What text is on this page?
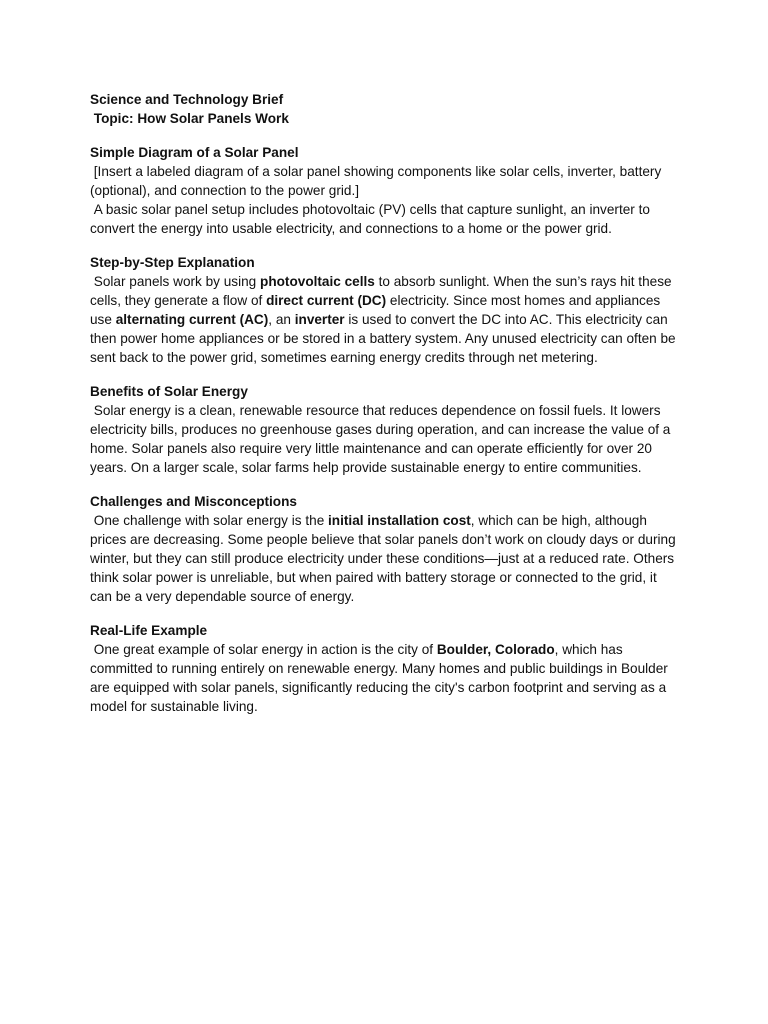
Science and Technology Brief
Topic: How Solar Panels Work
Simple Diagram of a Solar Panel

[Insert a labeled diagram of a solar panel showing components like solar cells, inverter, battery (optional), and connection to the power grid.]

A basic solar panel setup includes photovoltaic (PV) cells that capture sunlight, an inverter to convert the energy into usable electricity, and connections to a home or the power grid.

Step-by-Step Explanation

Solar panels work by using photovoltaic cells to absorb sunlight. When the sun’s rays hit these cells, they generate a flow of direct current (DC) electricity. Since most homes and appliances use alternating current (AC), an inverter is used to convert the DC into AC. This electricity can then power home appliances or be stored in a battery system. Any unused electricity can often be sent back to the power grid, sometimes earning energy credits through net metering.

Benefits of Solar Energy

Solar energy is a clean, renewable resource that reduces dependence on fossil fuels. It lowers electricity bills, produces no greenhouse gases during operation, and can increase the value of a home. Solar panels also require very little maintenance and can operate efficiently for over 20 years. On a larger scale, solar farms help provide sustainable energy to entire communities.

Challenges and Misconceptions

One challenge with solar energy is the initial installation cost, which can be high, although prices are decreasing. Some people believe that solar panels don’t work on cloudy days or during winter, but they can still produce electricity under these conditions—just at a reduced rate. Others think solar power is unreliable, but when paired with battery storage or connected to the grid, it can be a very dependable source of energy.

Real-Life Example

One great example of solar energy in action is the city of Boulder, Colorado, which has committed to running entirely on renewable energy. Many homes and public buildings in Boulder are equipped with solar panels, significantly reducing the city's carbon footprint and serving as a model for sustainable living.
